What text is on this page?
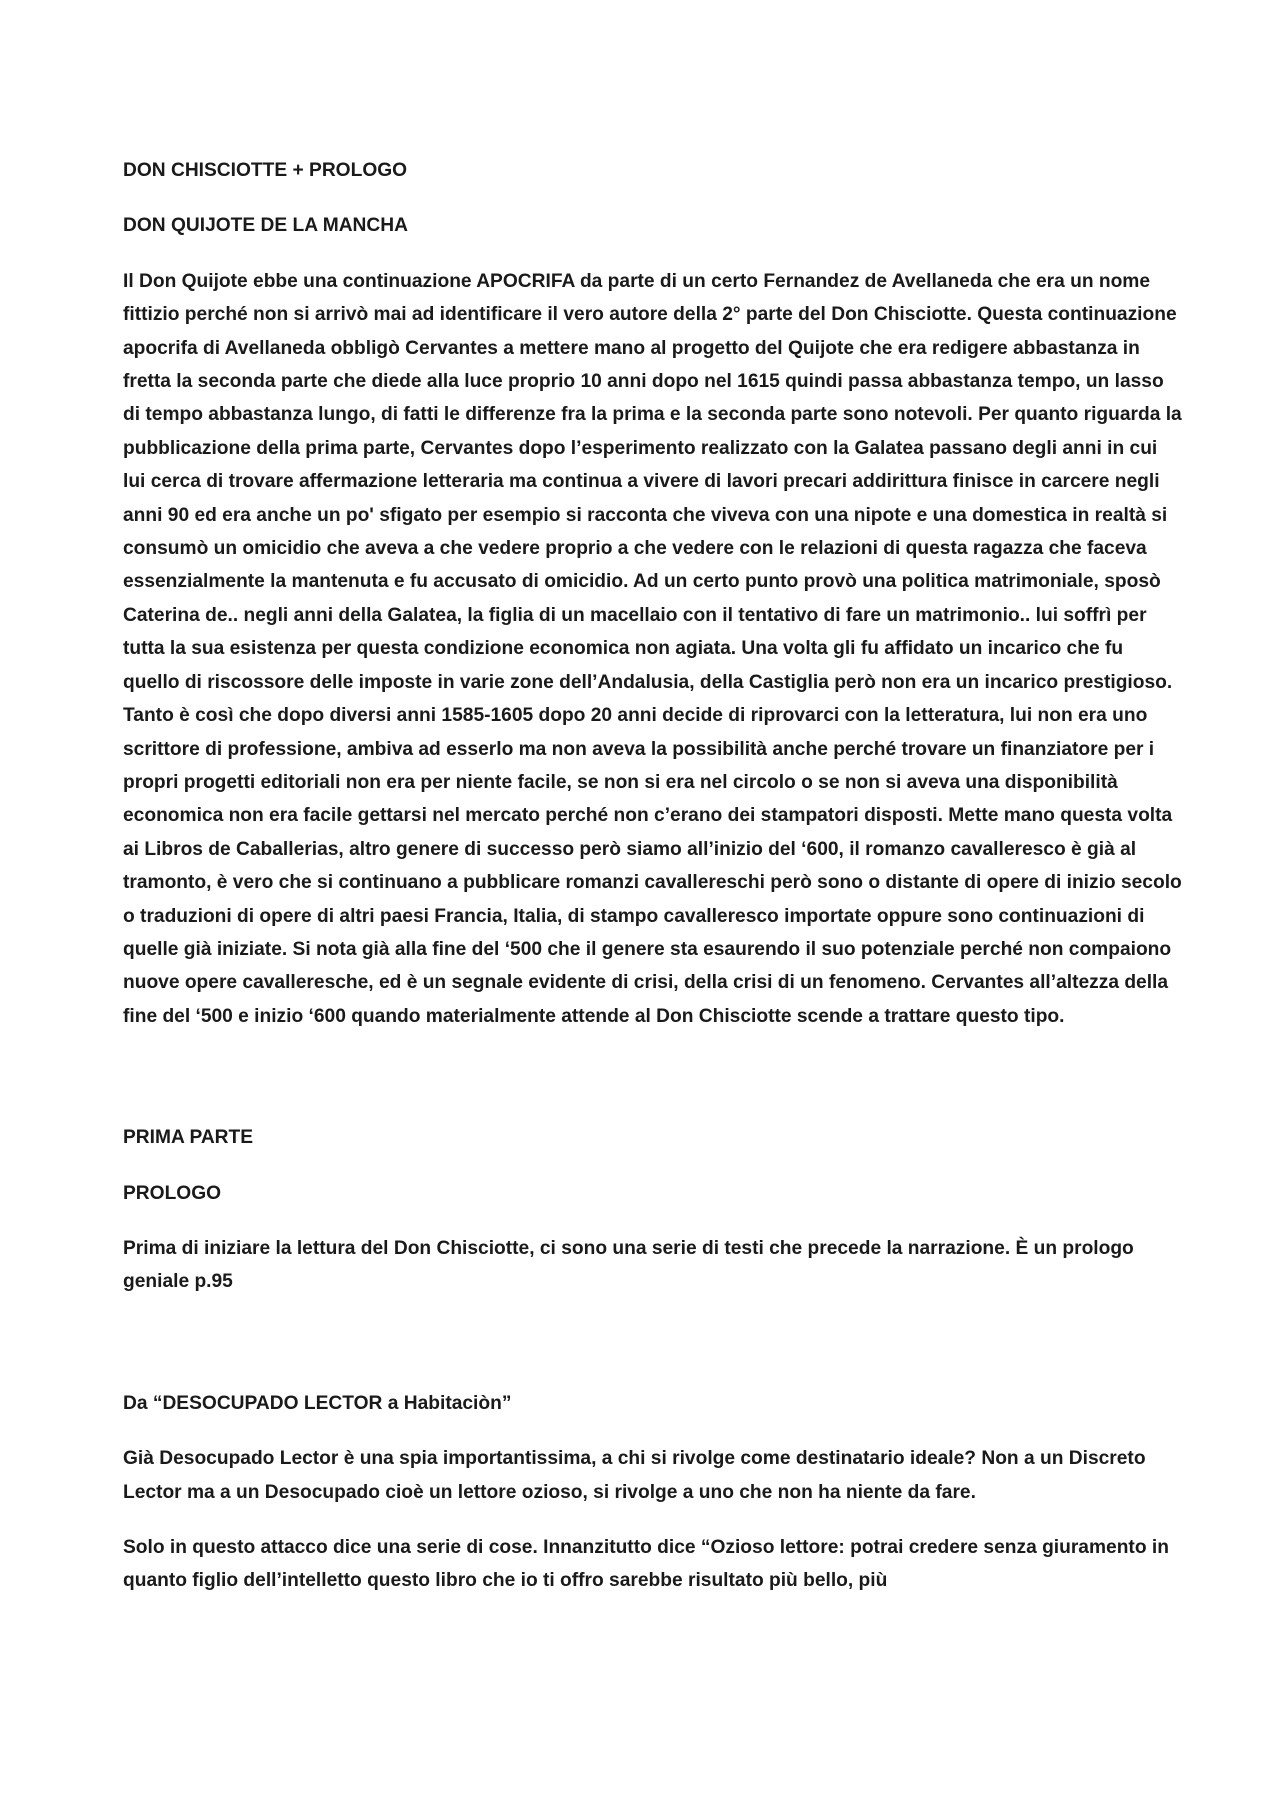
DON CHISCIOTTE + PROLOGO

DON QUIJOTE DE LA MANCHA

Il Don Quijote ebbe una continuazione APOCRIFA da parte di un certo Fernandez de Avellaneda che era un nome fittizio perché non si arrivò mai ad identificare il vero autore della 2° parte del Don Chisciotte. Questa continuazione apocrifa di Avellaneda obbligò Cervantes a mettere mano al progetto del Quijote che era redigere abbastanza in fretta la seconda parte che diede alla luce proprio 10 anni dopo nel 1615 quindi passa abbastanza tempo, un lasso di tempo abbastanza lungo, di fatti le differenze fra la prima e la seconda parte sono notevoli. Per quanto riguarda la pubblicazione della prima parte, Cervantes dopo l’esperimento realizzato con la Galatea passano degli anni in cui lui cerca di trovare affermazione letteraria ma continua a vivere di lavori precari addirittura finisce in carcere negli anni 90 ed era anche un po' sfigato per esempio si racconta che viveva con una nipote e una domestica in realtà si consumò un omicidio che aveva a che vedere proprio a che vedere con le relazioni di questa ragazza che faceva essenzialmente la mantenuta e fu accusato di omicidio. Ad un certo punto provò una politica matrimoniale, sposò Caterina de.. negli anni della Galatea, la figlia di un macellaio con il tentativo di fare un matrimonio.. lui soffrì per tutta la sua esistenza per questa condizione economica non agiata. Una volta gli fu affidato un incarico che fu quello di riscossore delle imposte in varie zone dell’Andalusia, della Castiglia però non era un incarico prestigioso. Tanto è così che dopo diversi anni 1585-1605 dopo 20 anni decide di riprovarci con la letteratura, lui non era uno scrittore di professione, ambiva ad esserlo ma non aveva la possibilità anche perché trovare un finanziatore per i propri progetti editoriali non era per niente facile, se non si era nel circolo o se non si aveva una disponibilità economica non era facile gettarsi nel mercato perché non c’erano dei stampatori disposti. Mette mano questa volta ai Libros de Caballerias, altro genere di successo però siamo all’inizio del ‘600, il romanzo cavalleresco è già al tramonto, è vero che si continuano a pubblicare romanzi cavallereschi però sono o distante di opere di inizio secolo o traduzioni di opere di altri paesi Francia, Italia, di stampo cavalleresco importate oppure sono continuazioni di quelle già iniziate. Si nota già alla fine del ‘500 che il genere sta esaurendo il suo potenziale perché non compaiono nuove opere cavalleresche, ed è un segnale evidente di crisi, della crisi di un fenomeno. Cervantes all’altezza della fine del ‘500 e inizio ‘600 quando materialmente attende al Don Chisciotte scende a trattare questo tipo.

PRIMA PARTE

PROLOGO

Prima di iniziare la lettura del Don Chisciotte, ci sono una serie di testi che precede la narrazione. È un prologo geniale p.95

Da “DESOCUPADO LECTOR a Habitaciòn”

Già Desocupado Lector è una spia importantissima, a chi si rivolge come destinatario ideale? Non a un Discreto Lector ma a un Desocupado cioè un lettore ozioso, si rivolge a uno che non ha niente da fare.

Solo in questo attacco dice una serie di cose. Innanzitutto dice “Ozioso lettore: potrai credere senza giuramento in quanto figlio dell’intelletto questo libro che io ti offro sarebbe risultato più bello, più
